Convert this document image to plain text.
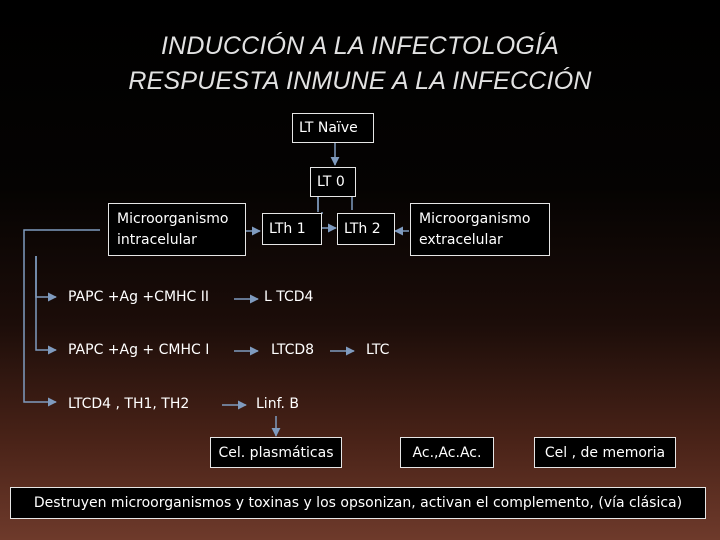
INDUCCIÓN A LA INFECTOLOGÍA
RESPUESTA INMUNE A LA INFECCIÓN
LT Naïve
LT 0
Microorganismo intracelular
LTh 1	LTh 2
Microorganismo extracelular
PAPC +Ag +CMHC II	L TCD4
PAPC +Ag + CMHC I	LTCD8	LTC
LTCD4 , TH1, TH2	Linf. B
Cel. plasmáticas	Ac.,Ac.Ac.	Cel , de memoria
Destruyen microorganismos y toxinas y los opsonizan, activan el complemento, (vía clásica)
